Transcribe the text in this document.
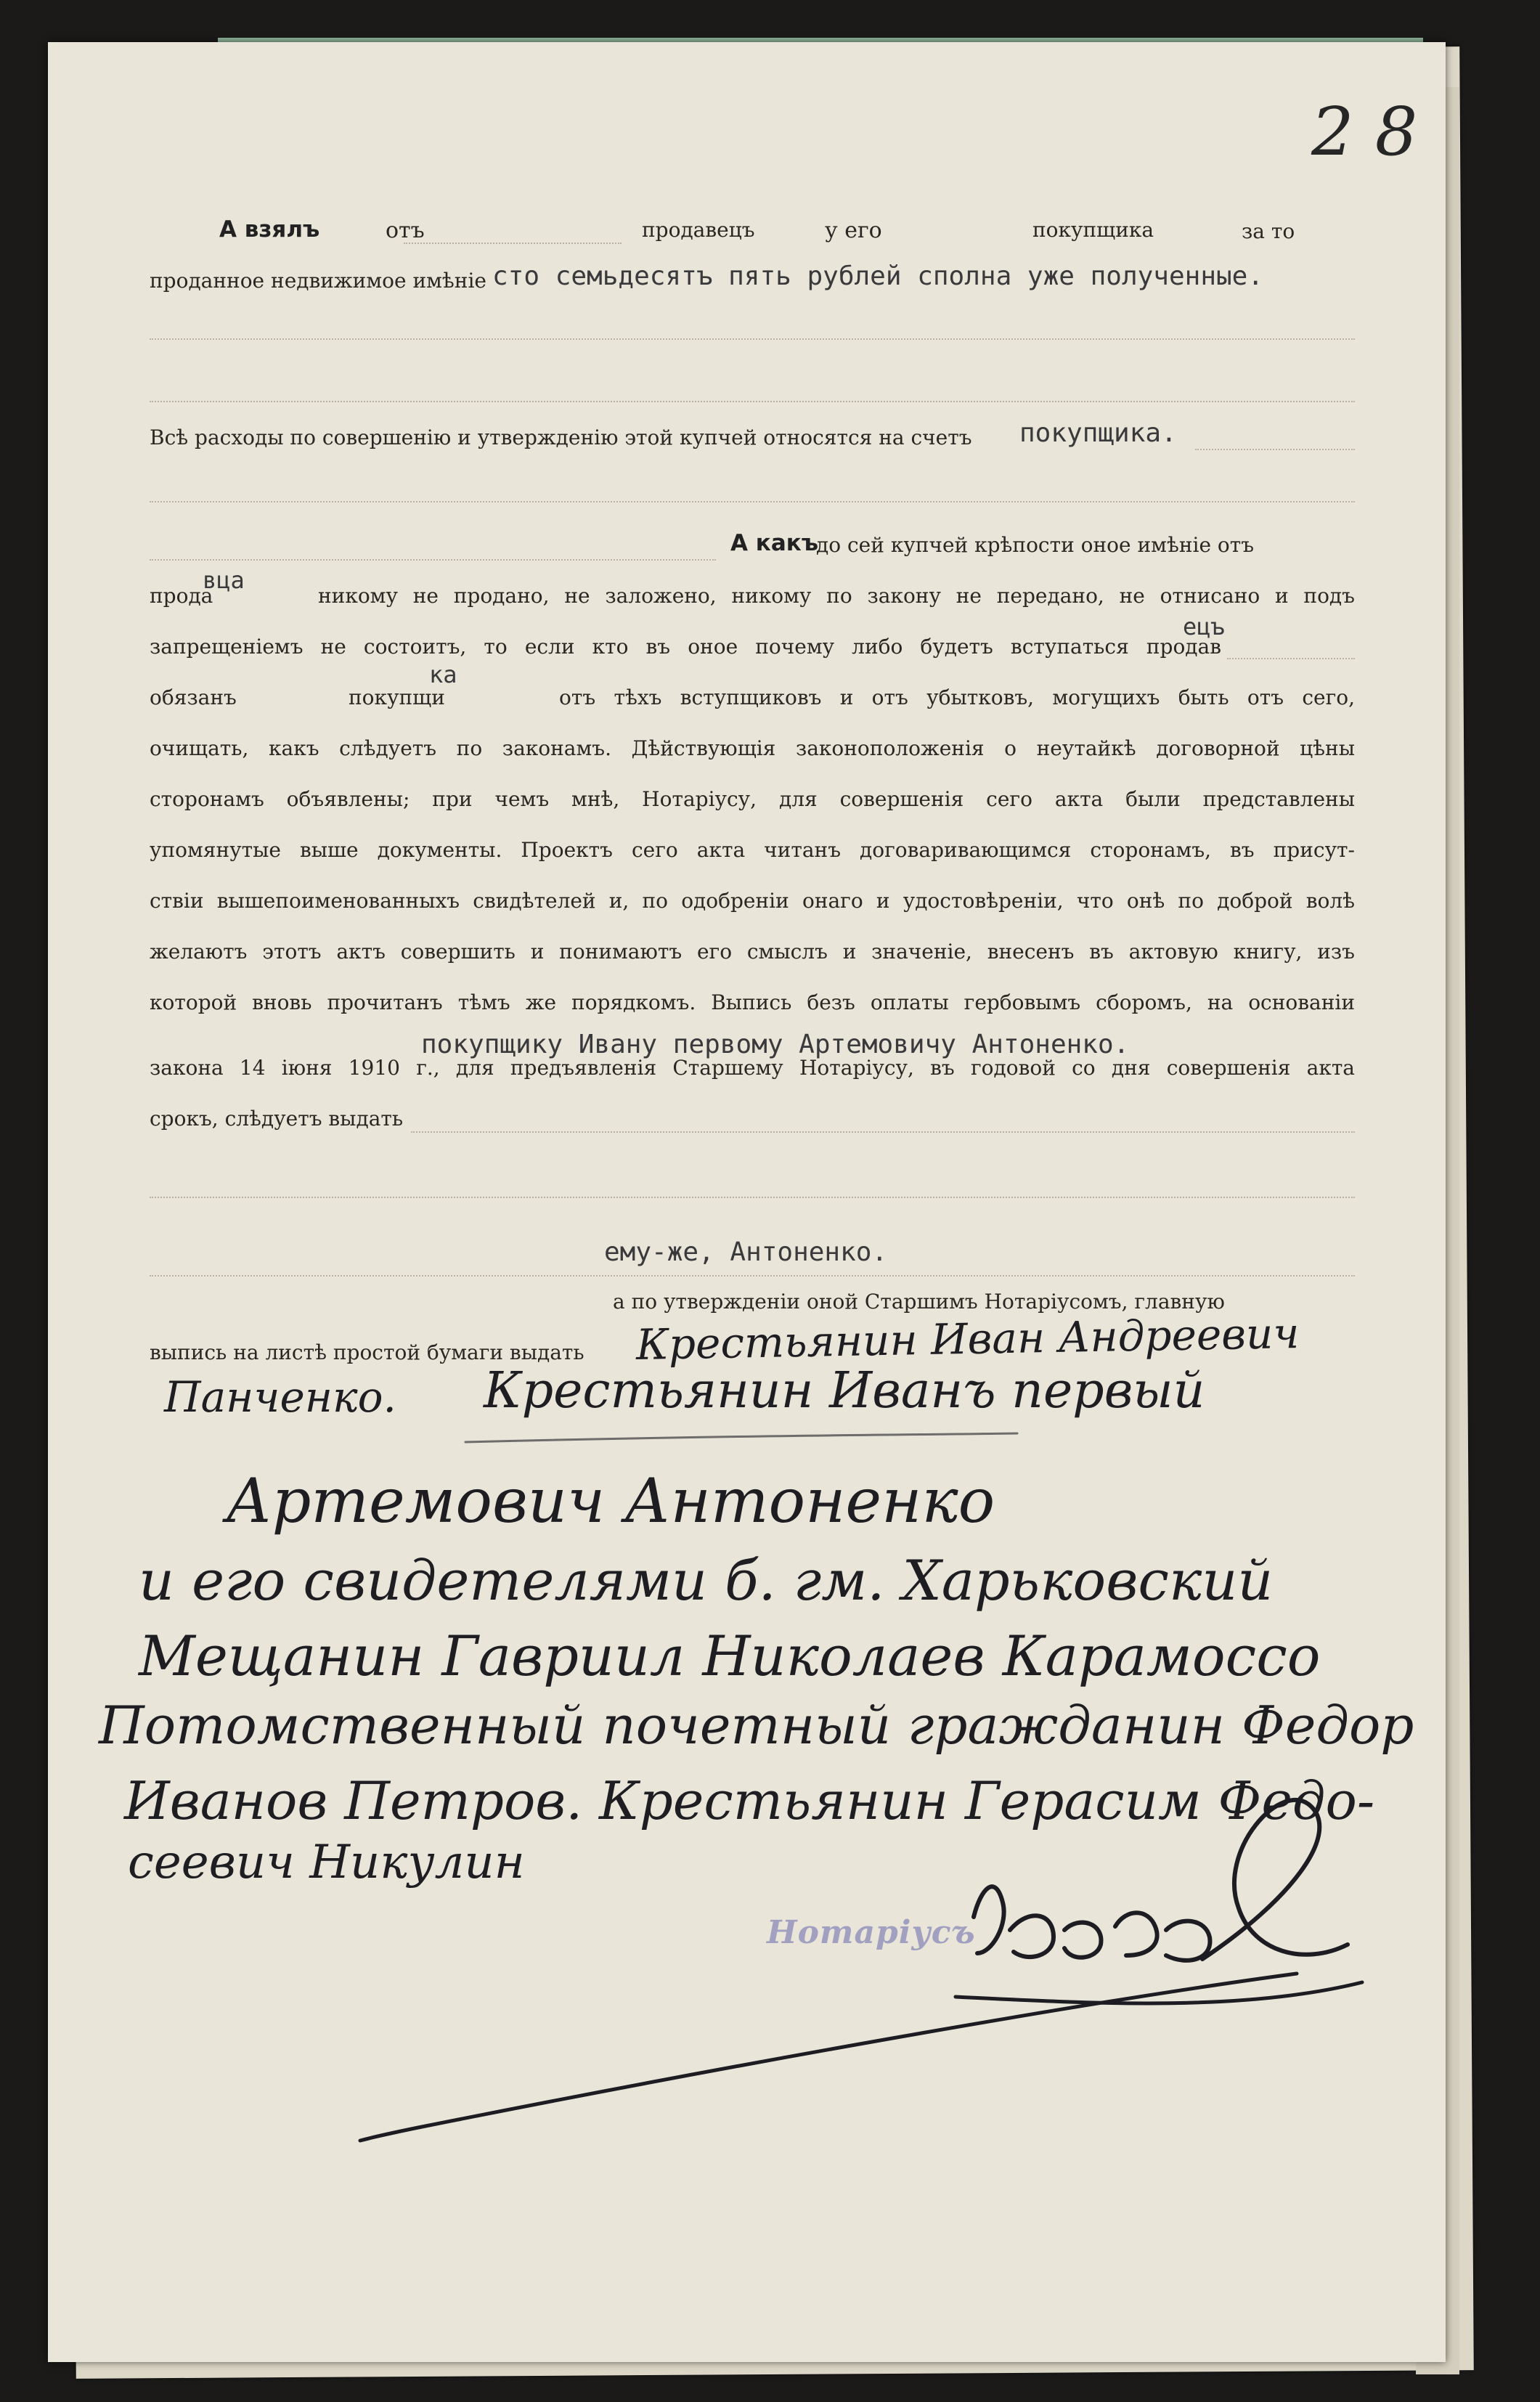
2 8
А взялъ	отъ	продавецъ	у его	покупщика	за то
проданное недвижимое имѣніе сто семьдесятъ пять рублей сполна уже полученные.
Всѣ расходы по совершенію и утвержденію этой купчей относятся на счетъ покупщика.
А какъ
до сей купчей крѣпости оное имѣніе отъ
вца
прода	никому не продано, не заложено, никому по закону не передано, не отнисано и подъ
ецъ
запрещеніемъ не состоитъ, то если кто въ оное почему либо будетъ вступаться продав
ка
обязанъ	покупщи	отъ тѣхъ вступщиковъ и отъ убытковъ, могущихъ быть отъ сего,
очищать, какъ слѣдуетъ по законамъ. Дѣйствующія законоположенія о неутайкѣ договорной цѣны
сторонамъ объявлены; при чемъ мнѣ, Нотаріусу, для совершенія сего акта были представлены
упомянутые выше документы. Проектъ сего акта читанъ договаривающимся сторонамъ, въ присут-
ствіи вышепоименованныхъ свидѣтелей и, по одобреніи онаго и удостовѣреніи, что онѣ по доброй волѣ
желаютъ этотъ актъ совершить и понимаютъ его смыслъ и значеніе, внесенъ въ актовую книгу, изъ
которой вновь прочитанъ тѣмъ же порядкомъ. Выпись безъ оплаты гербовымъ сборомъ, на основаніи
покупщику Ивану первому Артемовичу Антоненко.
закона 14 іюня 1910 г., для предъявленія Старшему Нотаріусу, въ годовой со дня совершенія акта
срокъ, слѣдуетъ выдать
ему-же, Антоненко.
а по утвержденіи оной Старшимъ Нотаріусомъ, главную
выпись на листѣ простой бумаги выдать Крестьянин Иван Андреевич
Панченко. Крестьянин Иванъ первый
Артемович Антоненко
и его свидетелями б. гм. Харьковский
Мещанин Гавриил Николаев Карамоссо
Потомственный почетный гражданин Федор
Иванов Петров. Крестьянин Герасим Федо-
сеевич Никулин
Нотаріусъ
